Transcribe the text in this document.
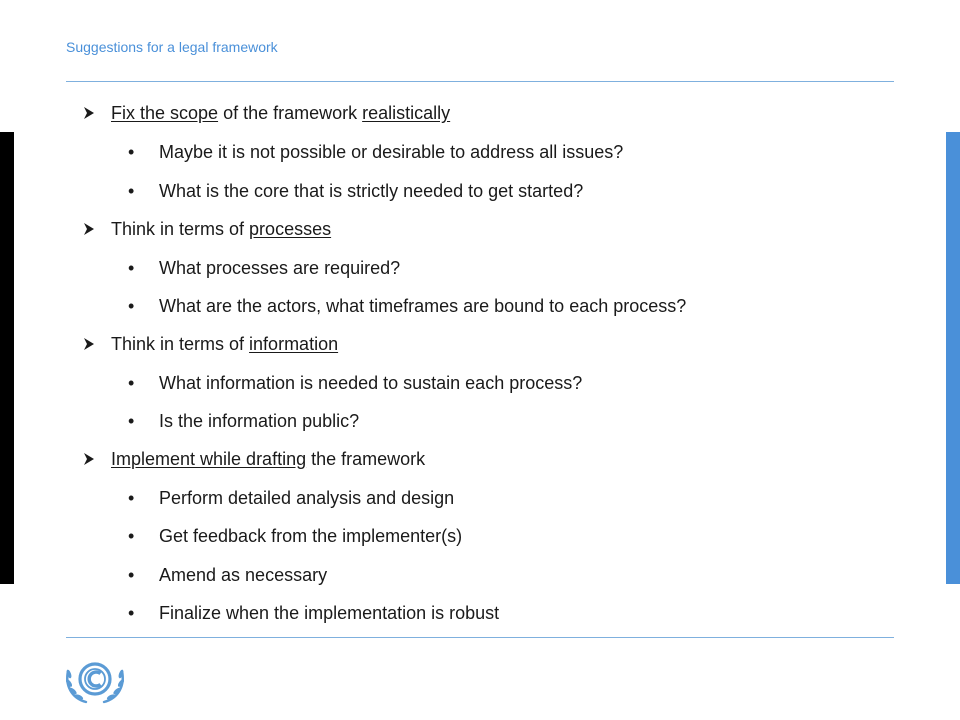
Suggestions for a legal framework
Fix the scope of the framework realistically
• Maybe it is not possible or desirable to address all issues?
• What is the core that is strictly needed to get started?
Think in terms of processes
• What processes are required?
• What are the actors, what timeframes are bound to each process?
Think in terms of information
• What information is needed to sustain each process?
• Is the information public?
Implement while drafting the framework
• Perform detailed analysis and design
• Get feedback from the implementer(s)
• Amend as necessary
• Finalize when the implementation is robust
